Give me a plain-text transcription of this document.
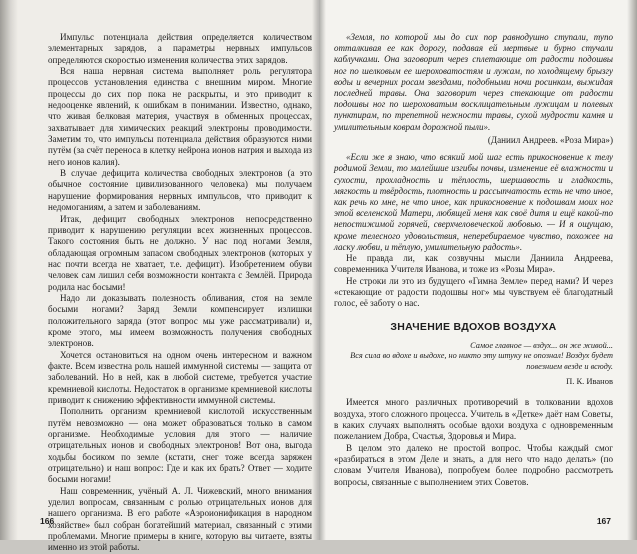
Импульс потенциала действия определяется количеством элементарных зарядов, а параметры нервных импульсов определяются скоростью изменения количества этих зарядов.

Вся наша нервная система выполняет роль регулятора процессов установления единства с внешним миром. Многие процессы до сих пор пока не раскрыты, и это приводит к недооценке явлений, к ошибкам в понимании. Известно, однако, что живая белковая материя, участвуя в обменных процессах, захватывает для химических реакций электроны проводимости. Заметим то, что импульсы потенциала действия образуются ними путём (за счёт переноса в клетку нейрона ионов натрия и выхода из него ионов калия).

В случае дефицита количества свободных электронов (а это обычное состояние цивилизованного человека) мы получаем нарушение формирования нервных импульсов, что приводит к недомоганиям, а затем и заболеваниям.

Итак, дефицит свободных электронов непосредственно приводит к нарушению регуляции всех жизненных процессов. Такого состояния быть не должно. У нас под ногами Земля, обладающая огромным запасом свободных электронов (которых у нас почти всегда не хватает, т.е. дефицит). Изобретением обуви человек сам лишил себя возможности контакта с Землёй. Природа родила нас босыми!

Надо ли доказывать полезность обливания, стоя на земле босыми ногами? Заряд Земли компенсирует излишки положительного заряда (этот вопрос мы уже рассматривали) и, кроме этого, мы имеем возможность получения свободных электронов.

Хочется остановиться на одном очень интересном и важном факте. Всем известна роль нашей иммунной системы — защита от заболеваний. Но в ней, как в любой системе, требуется участие кремниевой кислоты. Недостаток в организме кремниевой кислоты приводит к снижению эффективности иммунной системы.

Пополнить организм кремниевой кислотой искусственным путём невозможно — она может образоваться только в самом организме. Необходимые условия для этого — наличие отрицательных ионов и свободных электронов! Вот она, выгода ходьбы босиком по земле (кстати, снег тоже всегда заряжен отрицательно) и наш вопрос: Где и как их брать? Ответ — ходите босыми ногами!

Наш современник, учёный А. Л. Чижевский, много внимания уделил вопросам, связанным с ролью отрицательных ионов для нашего организма. В его работе «Аэроионификация в народном хозяйстве» был собран богатейший материал, связанный с этими проблемами. Многие примеры в книге, которую вы читаете, взяты именно из этой работы.

166

«Земля, по которой мы до сих пор равнодушно ступали, тупо отталкивая ее как дорогу, подавая ей мертвые и бурно стучали каблучками. Она заговорит через сплетающие от радости подошвы ног по шелковым ее шероховатостям и лужам, по холодящему брызгу воды и вечерних росам звездами, подобными ночи росинкам, выжидая последней травы. Она заговорит через стекающие от радости подошвы ног по шероховатым восклицательным лужицам и полевых пунктирам, по трепетной нежности травы, сухой мудрости камня и умилительным коврам дорожной пыли».

(Даниил Андреев. «Роза Мира»)

«Если же я знаю, что всякий мой шаг есть прикосновение к телу родимой Земли, то малейшие изгибы почвы, изменение её влажности и сухости, прохладность и тёплость, шершавость и гладкость, мягкость и твёрдость, плотность и рассыпчатость есть не что иное, как речь ко мне, не что иное, как прикосновение к подошвам моих ног этой вселенской Матери, любящей меня как своё дитя и ещё какой-то непостижимой горячей, сверхчеловеческой любовью. — И я ощущаю, кроме телесного удовольствия, неперебираемое чувство, похожее на ласку любви, и тёплую, умилительную радость».

Не правда ли, как созвучны мысли Даниила Андреева, современника Учителя Иванова, и тоже из «Розы Мира».

Не строки ли это из будущего «Гимна Земле» перед нами? И через «стекающие от радости подошвы ног» мы чувствуем её благодатный голос, её заботу о нас.

ЗНАЧЕНИЕ ВДОХОВ ВОЗДУХА

Самое главное — вздух... он же живой...

Вся сила во вдохе и выдохе, но никто эту штуку не опознал! Воздух будет повезнием везде и всюду.

П. К. Иванов

Имеется много различных противоречий в толковании вдохов воздуха, этого сложного процесса. Учитель в «Детке» даёт нам Советы, в каких случаях выполнять особые вдохи воздуха с одновременным пожеланием Добра, Счастья, Здоровья и Мира.

В целом это далеко не простой вопрос. Чтобы каждый смог «разбираться в этом Деле и знать, а для него что надо делать» (по словам Учителя Иванова), попробуем более подробно рассмотреть вопросы, связанные с выполнением этих Советов.

167
